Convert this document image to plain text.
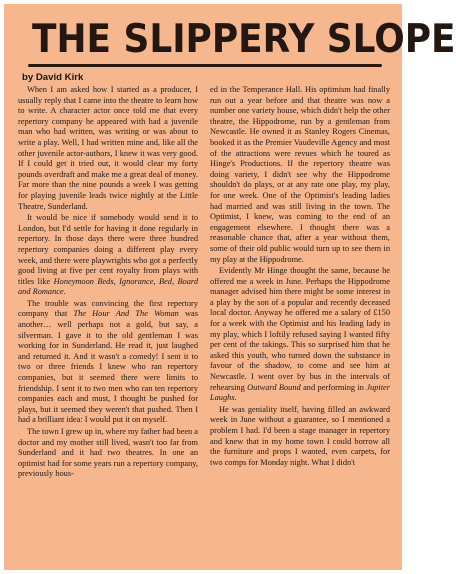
THE SLIPPERY SLOPE
by David Kirk

When I am asked how I started as a producer, I usually reply that I came into the theatre to learn how to write. A character actor once told me that every repertory company he appeared with had a juvenile man who had written, was writing or was about to write a play. Well, I had written mine and, like all the other juvenile actor-authors, I knew it was very good. If I could get it tried out, it would clear my forty pounds overdraft and make me a great deal of money. Far more than the nine pounds a week I was getting for playing juvenile leads twice nightly at the Little Theatre, Sunderland.

It would be nice if somebody would send it to London, but I'd settle for having it done regularly in repertory. In those days there were three hundred repertory companies doing a different play every week, and there were playwrights who got a perfectly good living at five per cent royalty from plays with titles like Honeymoon Beds, Ignorance, Bed, Board and Romance.

The trouble was convincing the first repertory company that The Hour And The Woman was another… well perhaps not a gold, but say, a silverman. I gave it to the old gentleman I was working for in Sunderland. He read it, just laughed and returned it. And it wasn't a comedy! I sent it to two or three friends I knew who ran repertory companies, but it seemed there were limits to friendship. I sent it to two men who ran ten repertory companies each and must, I thought be pushed for plays, but it seemed they weren't that pushed. Then I had a brilliant idea: I would put it on myself.

The town I grew up in, where my father had been a doctor and my mother still lived, wasn't too far from Sunderland and it had two theatres. In one an optimist had for some years run a repertory company, previously hous-

ed in the Temperance Hall. His optimism had finally run out a year before and that theatre was now a number one variety house, which didn't help the other theatre, the Hippodrome, run by a gentleman from Newcastle. He owned it as Stanley Rogers Cinemas, booked it as the Premier Vaudeville Agency and most of the attractions were revues which he toured as Hinge's Productions. If the repertory theatre was doing variety, I didn't see why the Hippodrome shouldn't do plays, or at any rate one play, my play, for one week. One of the Optimist's leading ladies had married and was still living in the town. The Optimist, I knew, was coming to the end of an engagement elsewhere. I thought there was a reasonable chance that, after a year without them, some of their old public would turn up to see them in my play at the Hippodrome.

Evidently Mr Hinge thought the same, because he offered me a week in June. Perhaps the Hippodrome manager advised him there might be some interest in a play by the son of a popular and recently deceased local doctor. Anyway he offered me a salary of £150 for a week with the Optimist and his leading lady in my play, which I loftily refused saying I wanted fifty per cent of the takings. This so surprised him that he asked this youth, who turned down the substance in favour of the shadow, to come and see him at Newcastle. I went over by bus in the intervals of rehearsing Outward Bound and performing in Jupiter Laughs.

He was geniality itself, having filled an awkward week in June without a guarantee, so I mentioned a problem I had. I'd been a stage manager in repertory and knew that in my home town I could borrow all the furniture and props I wanted, even carpets, for two comps for Monday night. What I didn't
